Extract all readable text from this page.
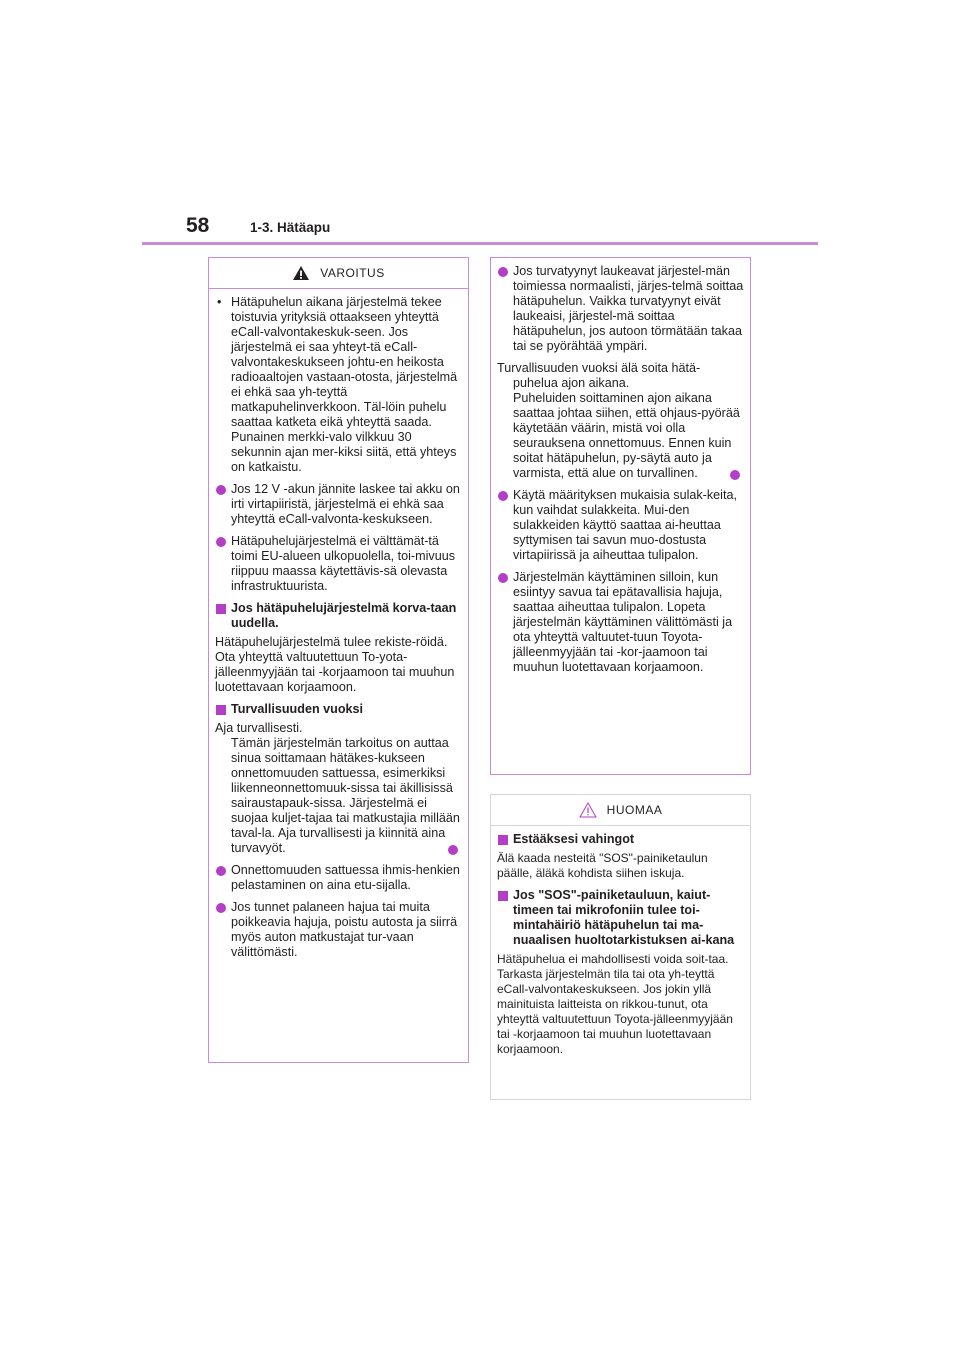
58	1-3. Hätäapu
VAROITUS
• Hätäpuhelun aikana järjestelmä tekee toistuvia yrityksiä ottaakseen yhteyttä eCall-valvontakeskuk-seen. Jos järjestelmä ei saa yhteyt-tä eCall-valvontakeskukseen johtu-en heikosta radioaaltojen vastaan-otosta, järjestelmä ei ehkä saa yh-teyttä matkapuhelinverkkoon. Täl-löin puhelu saattaa katketa eikä yhteyttä saada. Punainen merkki-valo vilkkuu 30 sekunnin ajan mer-kiksi siitä, että yhteys on katkaistu.
Jos 12 V -akun jännite laskee tai akku on irti virtapiiristä, järjestelmä ei ehkä saa yhteyttä eCall-valvonta-keskukseen.
Hätäpuhelujärjestelmä ei välttämät-tä toimi EU-alueen ulkopuolella, toi-mivuus riippuu maassa käytettävis-sä olevasta infrastruktuurista.
Jos hätäpuhelujärjestelmä korva-taan uudella.

Hätäpuhelujärjestelmä tulee rekiste-röidä. Ota yhteyttä valtuutettuun To-yota-jälleenmyyjään tai -korjaamoon tai muuhun luotettavaan korjaamoon.

Turvallisuuden vuoksi
Aja turvallisesti.
Tämän järjestelmän tarkoitus on auttaa sinua soittamaan hätäkes-kukseen onnettomuuden sattuessa, esimerkiksi liikenneonnettomuuk-sissa tai äkillisissä sairaustapauk-sissa. Järjestelmä ei suojaa kuljet-tajaa tai matkustajia millään taval-la. Aja turvallisesti ja kiinnitä aina turvavyöt.
Onnettomuuden sattuessa ihmis-henkien pelastaminen on aina etu-sijalla.
Jos tunnet palaneen hajua tai muita poikkeavia hajuja, poistu autosta ja siirrä myös auton matkustajat tur-vaan välittömästi.
Jos turvatyynyt laukeavat järjestel-män toimiessa normaalisti, järjes-telmä soittaa hätäpuhelun. Vaikka turvatyynyt eivät laukeaisi, järjestel-mä soittaa hätäpuhelun, jos autoon törmätään takaa tai se pyörähtää ympäri.
Turvallisuuden vuoksi älä soita hätä-puhelua ajon aikana.
Puheluiden soittaminen ajon aikana saattaa johtaa siihen, että ohjaus-pyörää käytetään väärin, mistä voi olla seurauksena onnettomuus. Ennen kuin soitat hätäpuhelun, py-säytä auto ja varmista, että alue on turvallinen.
Käytä määrityksen mukaisia sulak-keita, kun vaihdat sulakkeita. Mui-den sulakkeiden käyttö saattaa ai-heuttaa syttymisen tai savun muo-dostusta virtapiirissä ja aiheuttaa tulipalon.
Järjestelmän käyttäminen silloin, kun esiintyy savua tai epätavallisia hajuja, saattaa aiheuttaa tulipalon. Lopeta järjestelmän käyttäminen välittömästi ja ota yhteyttä valtuutet-tuun Toyota-jälleenmyyjään tai -kor-jaamoon tai muuhun luotettavaan korjaamoon.
HUOMAA
Estääksesi vahingot

Älä kaada nesteitä "SOS"-painiketaulun päälle, äläkä kohdista siihen iskuja.

Jos "SOS"-painiketauluun, kaiut-timeen tai mikrofoniin tulee toi-mintahäiriö hätäpuhelun tai ma-nuaalisen huoltotarkistuksen ai-kana

Hätäpuhelua ei mahdollisesti voida soit-taa. Tarkasta järjestelmän tila tai ota yh-teyttä eCall-valvontakeskukseen. Jos jokin yllä mainituista laitteista on rikkou-tunut, ota yhteyttä valtuutettuun Toyota-jälleenmyyjään tai -korjaamoon tai muuhun luotettavaan korjaamoon.
